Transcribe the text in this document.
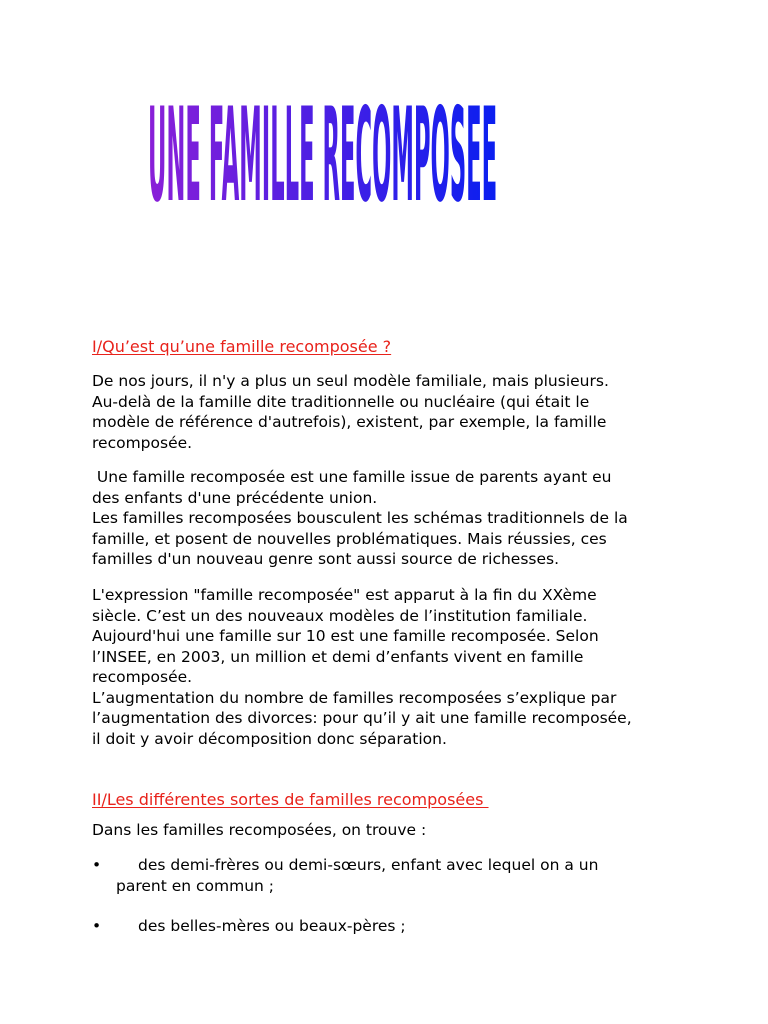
UNE FAMILLE RECOMPOSEE
I/Qu’est qu’une famille recomposée ?
De nos jours, il n'y a plus un seul modèle familiale, mais plusieurs.
Au-delà de la famille dite traditionnelle ou nucléaire (qui était le
modèle de référence d'autrefois), existent, par exemple, la famille
recomposée.
Une famille recomposée est une famille issue de parents ayant eu
des enfants d'une précédente union.
Les familles recomposées bousculent les schémas traditionnels de la
famille, et posent de nouvelles problématiques. Mais réussies, ces
familles d'un nouveau genre sont aussi source de richesses.
L'expression "famille recomposée" est apparut à la fin du XXème
siècle. C’est un des nouveaux modèles de l’institution familiale.
Aujourd'hui une famille sur 10 est une famille recomposée. Selon
l’INSEE, en 2003, un million et demi d’enfants vivent en famille
recomposée.
L’augmentation du nombre de familles recomposées s’explique par
l’augmentation des divorces: pour qu’il y ait une famille recomposée,
il doit y avoir décomposition donc séparation.
II/Les différentes sortes de familles recomposées
Dans les familles recomposées, on trouve :
•	des demi-frères ou demi-sœurs, enfant avec lequel on a un
parent en commun ;
•	des belles-mères ou beaux-pères ;
